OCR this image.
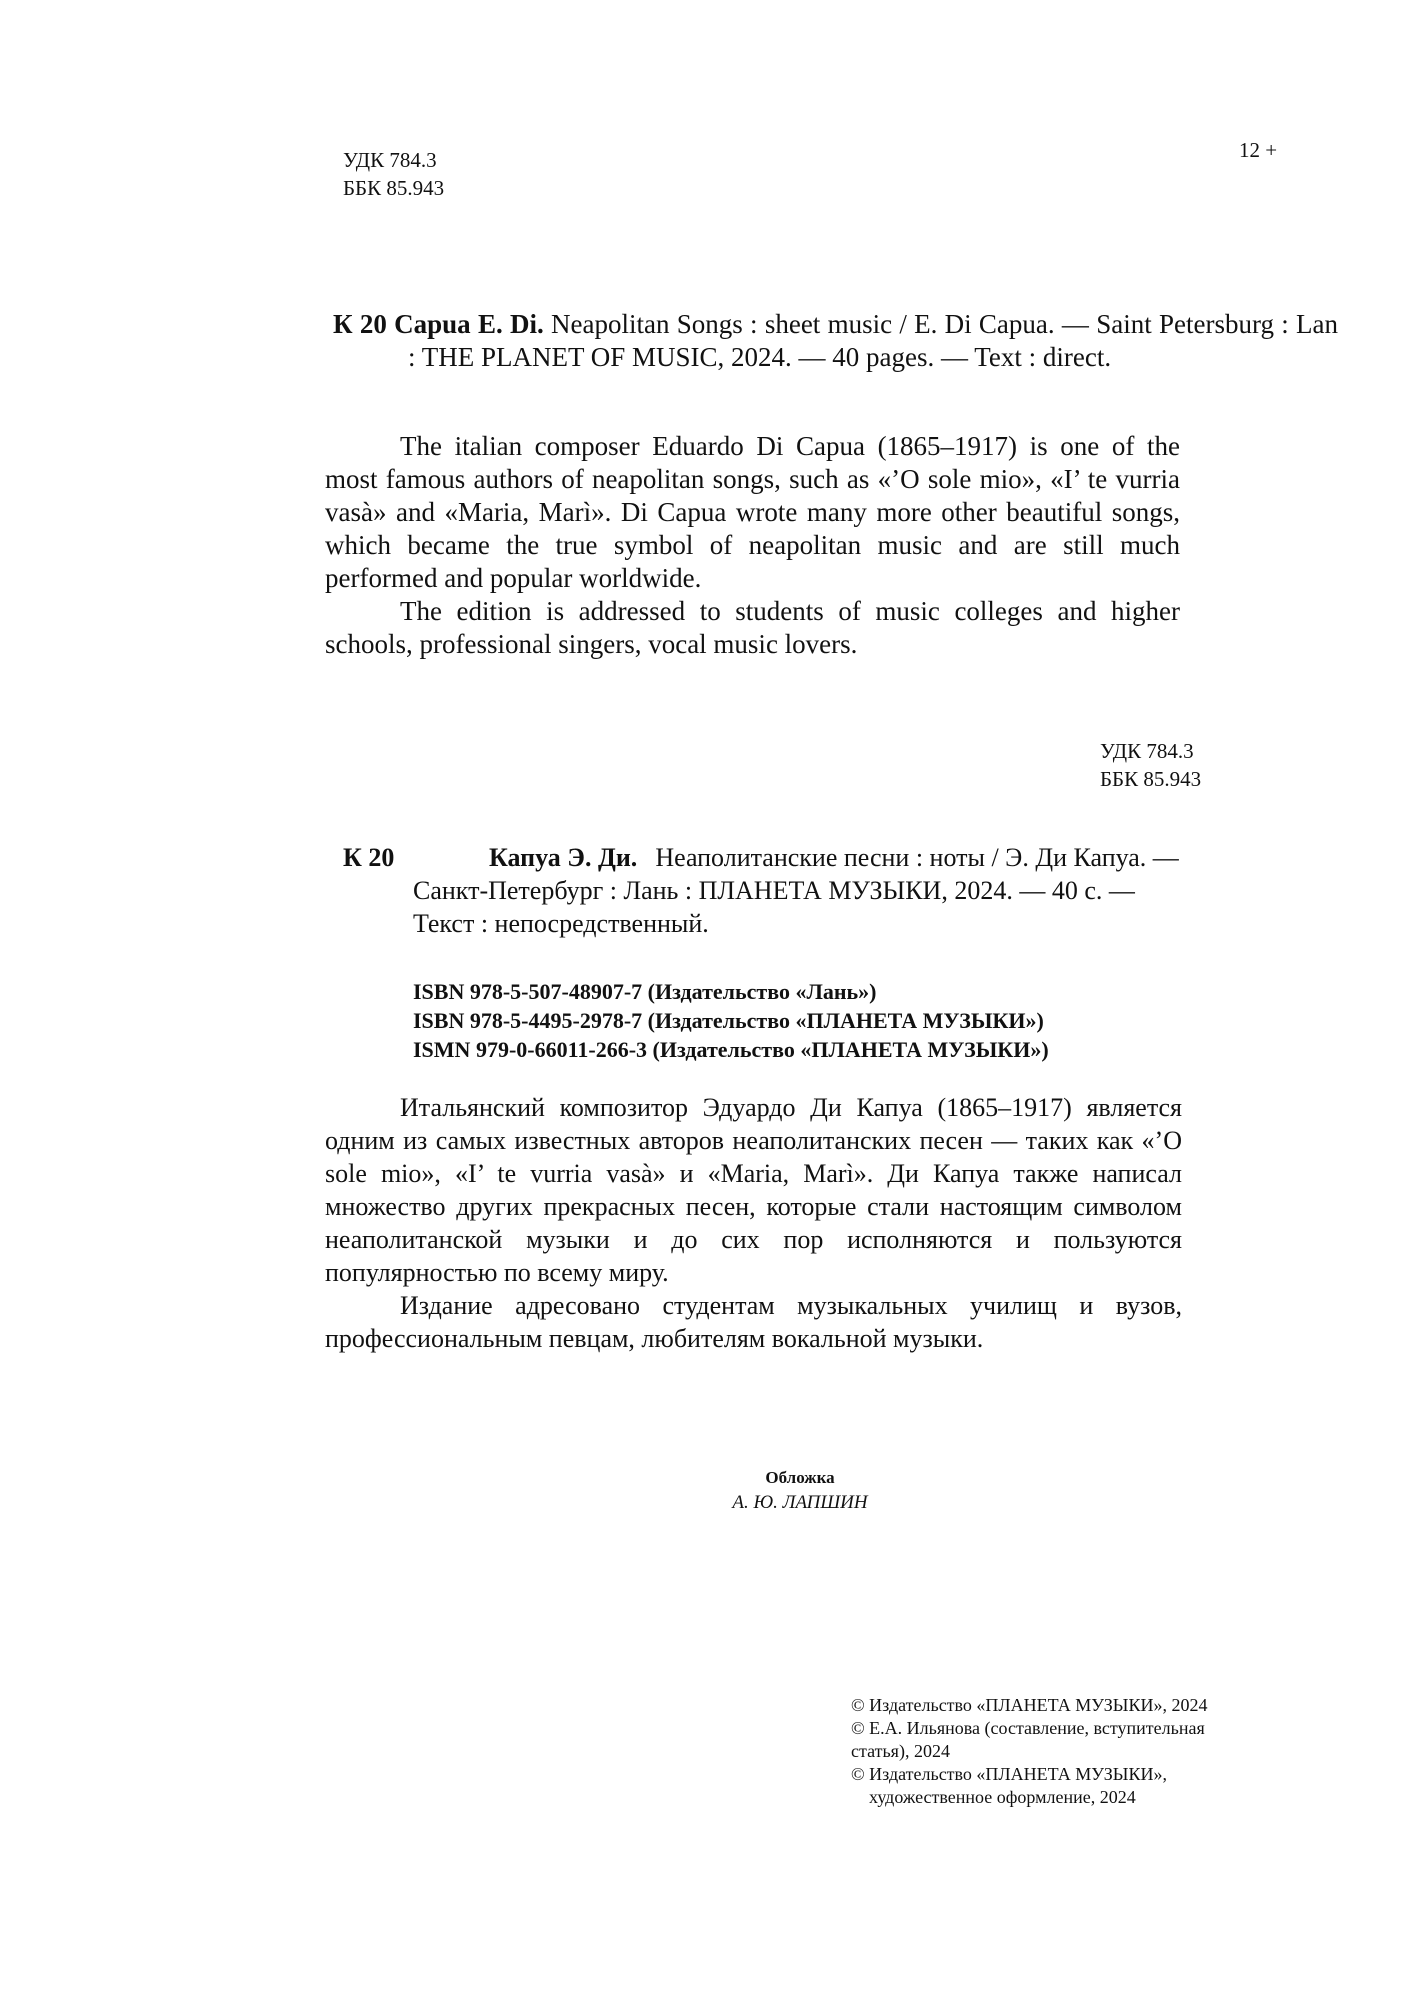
УДК 784.3
ББК 85.943
12 +
К 20 Capua E. Di. Neapolitan Songs : sheet music / E. Di Capua. — Saint Petersburg : Lan : THE PLANET OF MUSIC, 2024. — 40 pages. — Text : direct.
The italian composer Eduardo Di Capua (1865–1917) is one of the most famous authors of neapolitan songs, such as «’O sole mio», «I’ te vurria vasà» and «Maria, Marì». Di Capua wrote many more other beautiful songs, which became the true symbol of neapolitan music and are still much performed and popular worldwide.
The edition is addressed to students of music colleges and higher schools, professional singers, vocal music lovers.
УДК 784.3
ББК 85.943
К 20	Капуа Э. Ди. Неаполитанские песни : ноты / Э. Ди Капуа. —
Санкт-Петербург : Лань : ПЛАНЕТА МУЗЫКИ, 2024. — 40 с. —
Текст : непосредственный.
ISBN 978-5-507-48907-7 (Издательство «Лань»)
ISBN 978-5-4495-2978-7 (Издательство «ПЛАНЕТА МУЗЫКИ»)
ISMN 979-0-66011-266-3 (Издательство «ПЛАНЕТА МУЗЫКИ»)
Итальянский композитор Эдуардо Ди Капуа (1865–1917) является одним из самых известных авторов неаполитанских песен — таких как «’O sole mio», «I’ te vurria vasà» и «Maria, Marì». Ди Капуа также написал множество других прекрасных песен, которые стали настоящим символом неаполитанской музыки и до сих пор исполняются и пользуются популярностью по всему миру.
Издание адресовано студентам музыкальных училищ и вузов, профессиональным певцам, любителям вокальной музыки.
Обложка
А. Ю. ЛАПШИН
© Издательство «ПЛАНЕТА МУЗЫКИ», 2024
© Е.А. Ильянова (составление, вступительная
статья), 2024
© Издательство «ПЛАНЕТА МУЗЫКИ»,
художественное оформление, 2024
